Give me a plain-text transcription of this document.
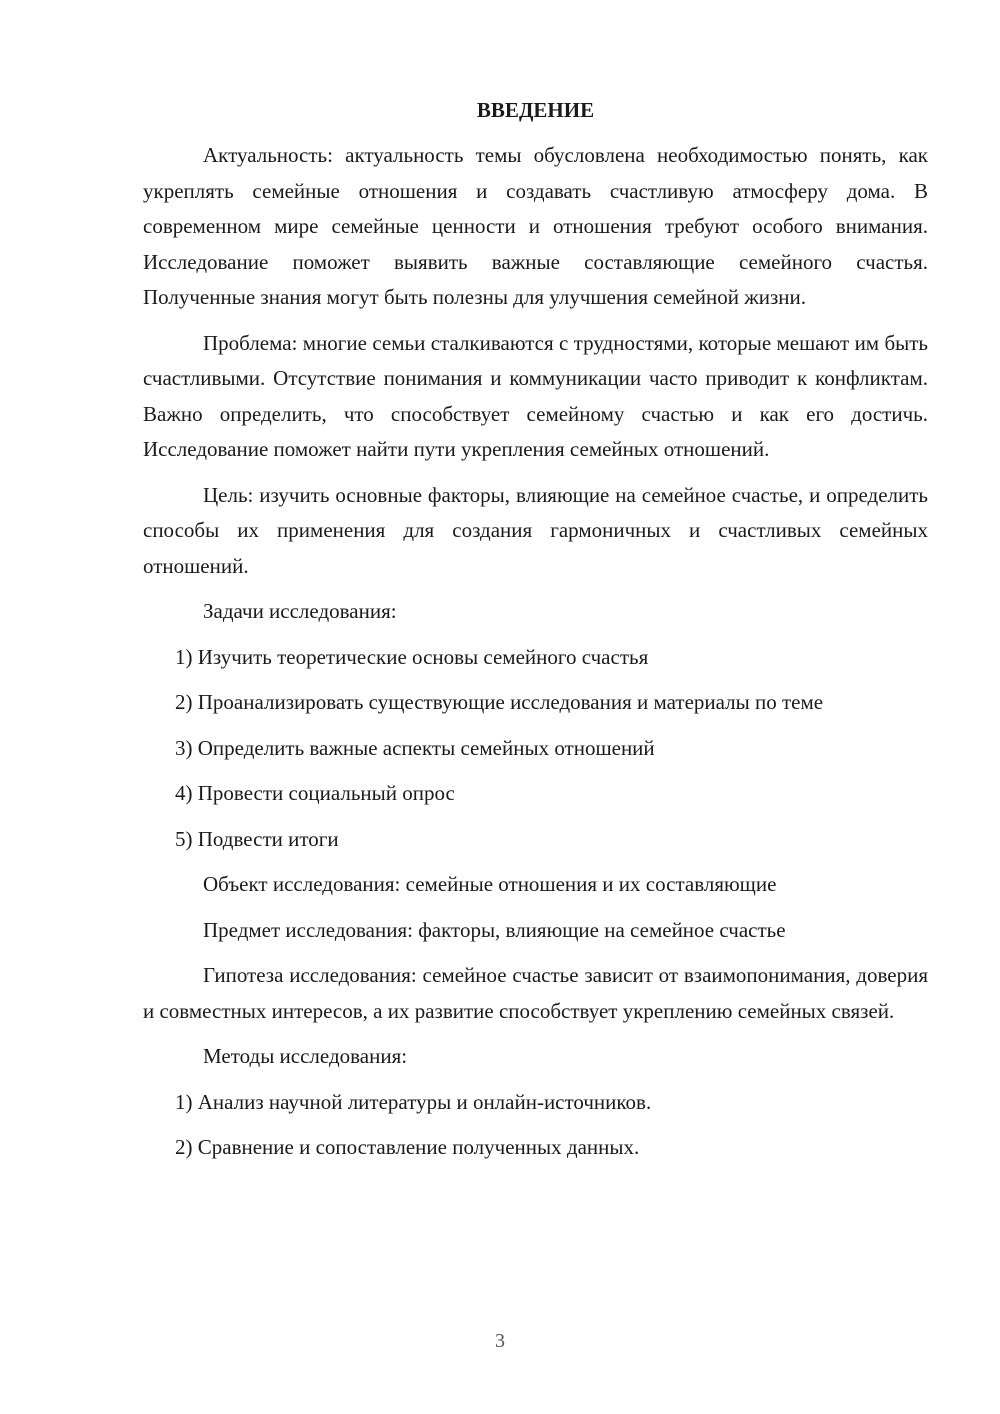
ВВЕДЕНИЕ

Актуальность: актуальность темы обусловлена необходимостью понять, как укреплять семейные отношения и создавать счастливую атмосферу дома. В современном мире семейные ценности и отношения требуют особого внимания. Исследование поможет выявить важные составляющие семейного счастья. Полученные знания могут быть полезны для улучшения семейной жизни.

Проблема: многие семьи сталкиваются с трудностями, которые мешают им быть счастливыми. Отсутствие понимания и коммуникации часто приводит к конфликтам. Важно определить, что способствует семейному счастью и как его достичь. Исследование поможет найти пути укрепления семейных отношений.

Цель: изучить основные факторы, влияющие на семейное счастье, и определить способы их применения для создания гармоничных и счастливых семейных отношений.

Задачи исследования:

1) Изучить теоретические основы семейного счастья

2) Проанализировать существующие исследования и материалы по теме

3) Определить важные аспекты семейных отношений

4) Провести социальный опрос

5) Подвести итоги

Объект исследования: семейные отношения и их составляющие

Предмет исследования: факторы, влияющие на семейное счастье

Гипотеза исследования: семейное счастье зависит от взаимопонимания, доверия и совместных интересов, а их развитие способствует укреплению семейных связей.

Методы исследования:

1) Анализ научной литературы и онлайн-источников.

2) Сравнение и сопоставление полученных данных.

3
